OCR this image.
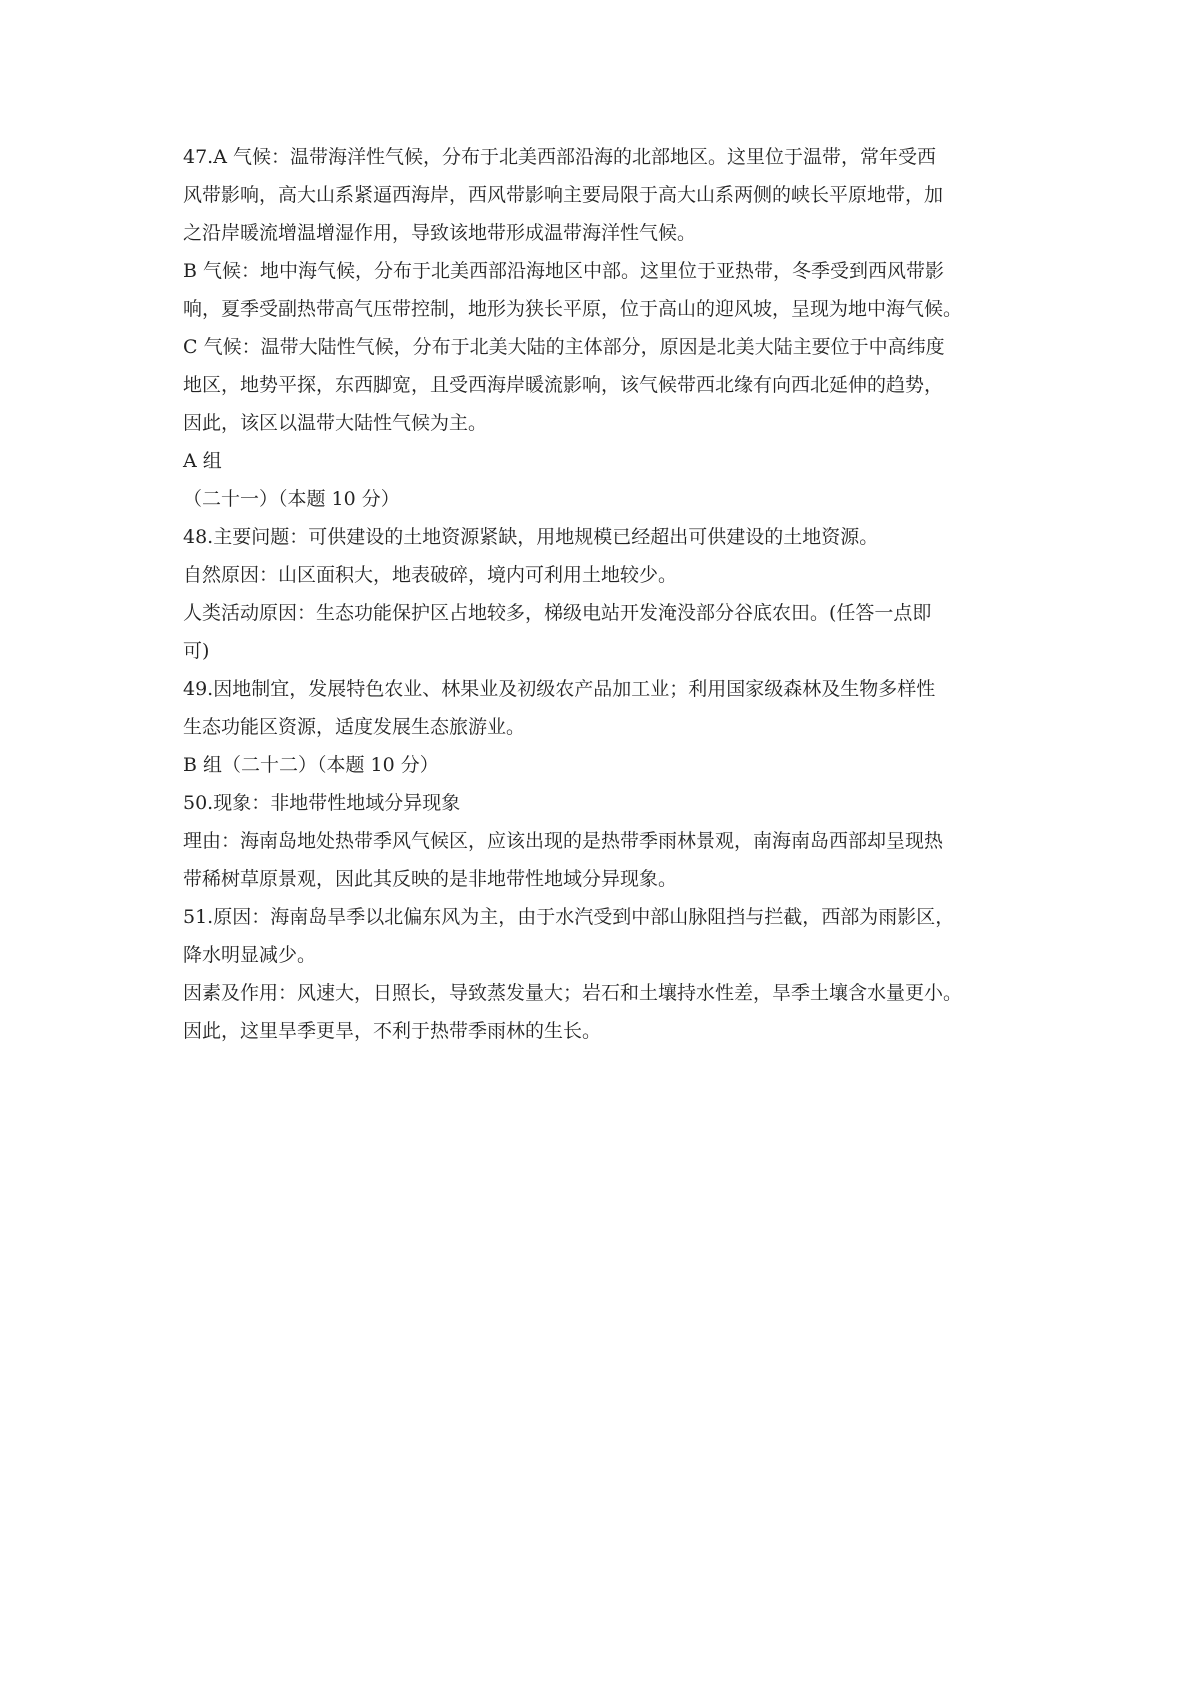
47.A 气候：温带海洋性气候，分布于北美西部沿海的北部地区。这里位于温带，常年受西

风带影响，高大山系紧逼西海岸，西风带影响主要局限于高大山系两侧的峡长平原地带，加

之沿岸暖流增温增湿作用，导致该地带形成温带海洋性气候。

B 气候：地中海气候，分布于北美西部沿海地区中部。这里位于亚热带，冬季受到西风带影

响，夏季受副热带高气压带控制，地形为狭长平原，位于高山的迎风坡，呈现为地中海气候。

C 气候：温带大陆性气候，分布于北美大陆的主体部分，原因是北美大陆主要位于中高纬度

地区，地势平探，东西脚宽，且受西海岸暖流影响，该气候带西北缘有向西北延伸的趋势，

因此，该区以温带大陆性气候为主。

A 组

（二十一）（本题 10 分）

48.主要问题：可供建设的土地资源紧缺，用地规模已经超出可供建设的土地资源。

自然原因：山区面积大，地表破碎，境内可利用土地较少。

人类活动原因：生态功能保护区占地较多，梯级电站开发淹没部分谷底农田。(任答一点即

可)

49.因地制宜，发展特色农业、林果业及初级农产品加工业；利用国家级森林及生物多样性

生态功能区资源，适度发展生态旅游业。

B 组（二十二）（本题 10 分）

50.现象：非地带性地域分异现象

理由：海南岛地处热带季风气候区，应该出现的是热带季雨林景观，南海南岛西部却呈现热

带稀树草原景观，因此其反映的是非地带性地域分异现象。

51.原因：海南岛旱季以北偏东风为主，由于水汽受到中部山脉阻挡与拦截，西部为雨影区，

降水明显减少。

因素及作用：风速大，日照长，导致蒸发量大；岩石和土壤持水性差，旱季土壤含水量更小。

因此，这里旱季更旱，不利于热带季雨林的生长。
